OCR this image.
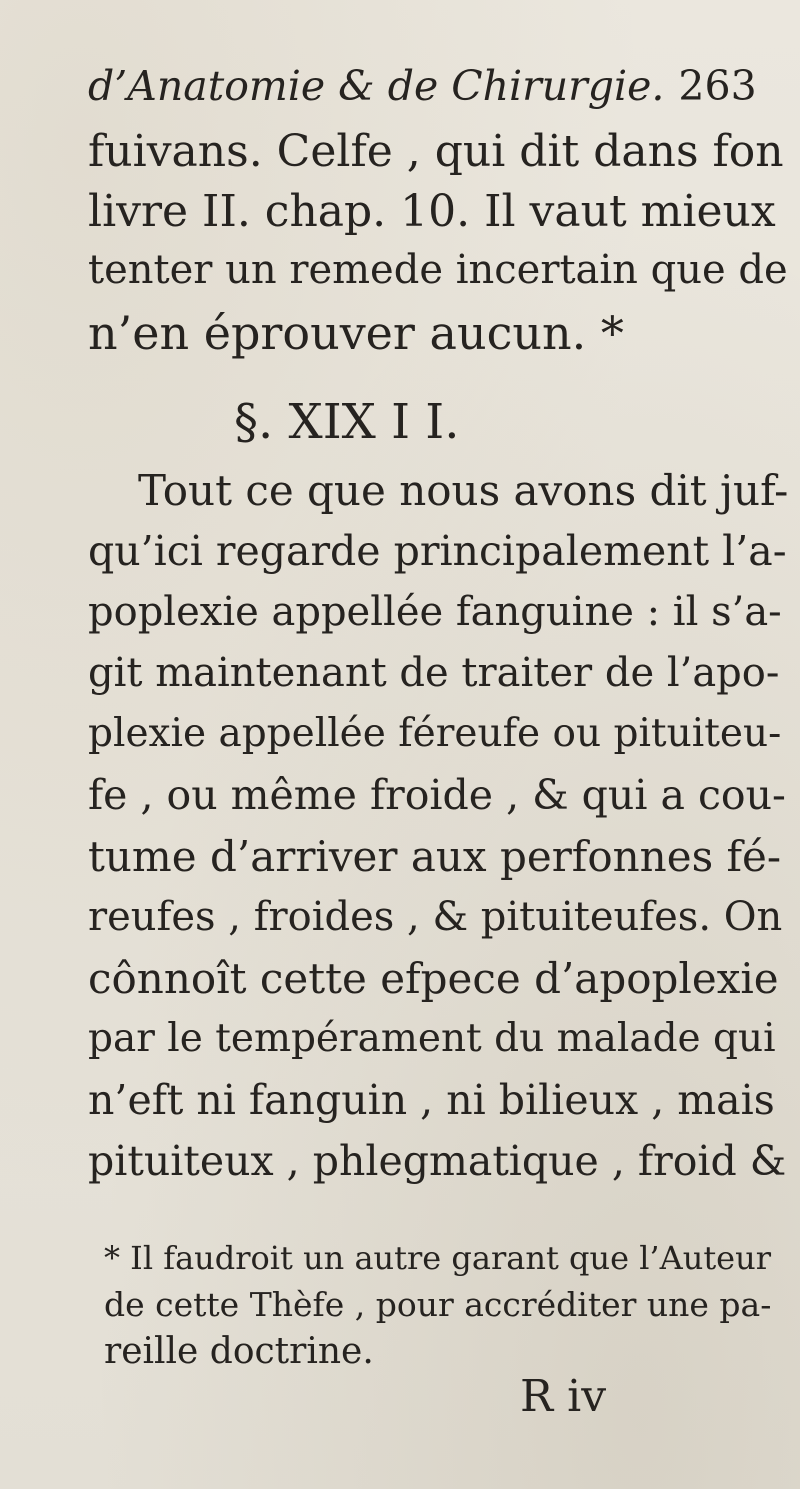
d’Anatomie & de Chirurgie. 263
fuivans. Celfe , qui dit dans fon
livre II. chap. 10. Il vaut mieux
tenter un remede incertain que de
n’en éprouver aucun. *
§. XIX I I.
Tout ce que nous avons dit juf-
qu’ici regarde principalement l’a-
poplexie appellée fanguine : il s’a-
git maintenant de traiter de l’apo-
plexie appellée féreufe ou pituiteu-
fe , ou même froide , & qui a cou-
tume d’arriver aux perfonnes fé-
reufes , froides , & pituiteufes. On
cônnoît cette efpece d’apoplexie
par le tempérament du malade qui
n’eft ni fanguin , ni bilieux , mais
pituiteux , phlegmatique , froid &
* Il faudroit un autre garant que l’Auteur
de cette Thèfe , pour accréditer une pa-
reille doctrine.
R iv
